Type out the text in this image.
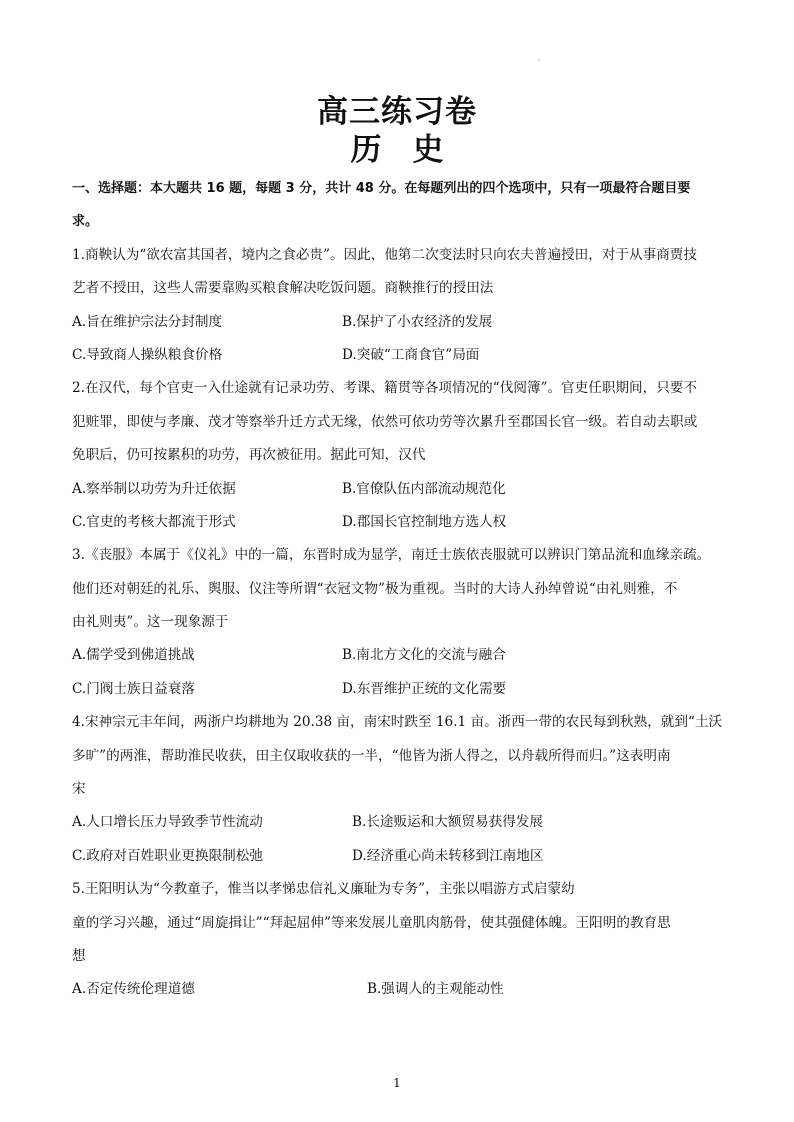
·
高三练习卷
历　史
一、选择题：本大题共 16 题，每题 3 分，共计 48 分。在每题列出的四个选项中，只有一项最符合题目要
求。
1.商鞅认为“欲农富其国者，境内之食必贵”。因此，他第二次变法时只向农夫普遍授田，对于从事商贾技
艺者不授田，这些人需要靠购买粮食解决吃饭问题。商鞅推行的授田法
A.旨在维护宗法分封制度	B.保护了小农经济的发展
C.导致商人操纵粮食价格	D.突破“工商食官”局面
2.在汉代，每个官吏一入仕途就有记录功劳、考课、籍贯等各项情况的“伐阅簿”。官吏任职期间，只要不
犯赃罪，即使与孝廉、茂才等察举升迁方式无缘，依然可依功劳等次累升至郡国长官一级。若自动去职或
免职后，仍可按累积的功劳，再次被征用。据此可知，汉代
A.察举制以功劳为升迁依据	B.官僚队伍内部流动规范化
C.官吏的考核大都流于形式	D.郡国长官控制地方选人权
3.《丧服》本属于《仪礼》中的一篇，东晋时成为显学，南迁士族依丧服就可以辨识门第品流和血缘亲疏。
他们还对朝廷的礼乐、舆服、仪注等所谓“衣冠文物”极为重视。当时的大诗人孙绰曾说“由礼则雅，不
由礼则夷”。这一现象源于
A.儒学受到佛道挑战	B.南北方文化的交流与融合
C.门阀士族日益衰落	D.东晋维护正统的文化需要
4.宋神宗元丰年间，两浙户均耕地为 20.38 亩，南宋时跌至 16.1 亩。浙西一带的农民每到秋熟，就到“土沃
多旷”的两淮，帮助淮民收获，田主仅取收获的一半，“他皆为浙人得之，以舟载所得而归。”这表明南
宋
A.人口增长压力导致季节性流动	B.长途贩运和大额贸易获得发展
C.政府对百姓职业更换限制松弛	D.经济重心尚未转移到江南地区
5.王阳明认为“今教童子，惟当以孝悌忠信礼义廉耻为专务”，主张以唱游方式启蒙幼
童的学习兴趣，通过“周旋揖让”“拜起屈伸”等来发展儿童肌肉筋骨，使其强健体魄。王阳明的教育思
想
A.否定传统伦理道德	B.强调人的主观能动性
1
